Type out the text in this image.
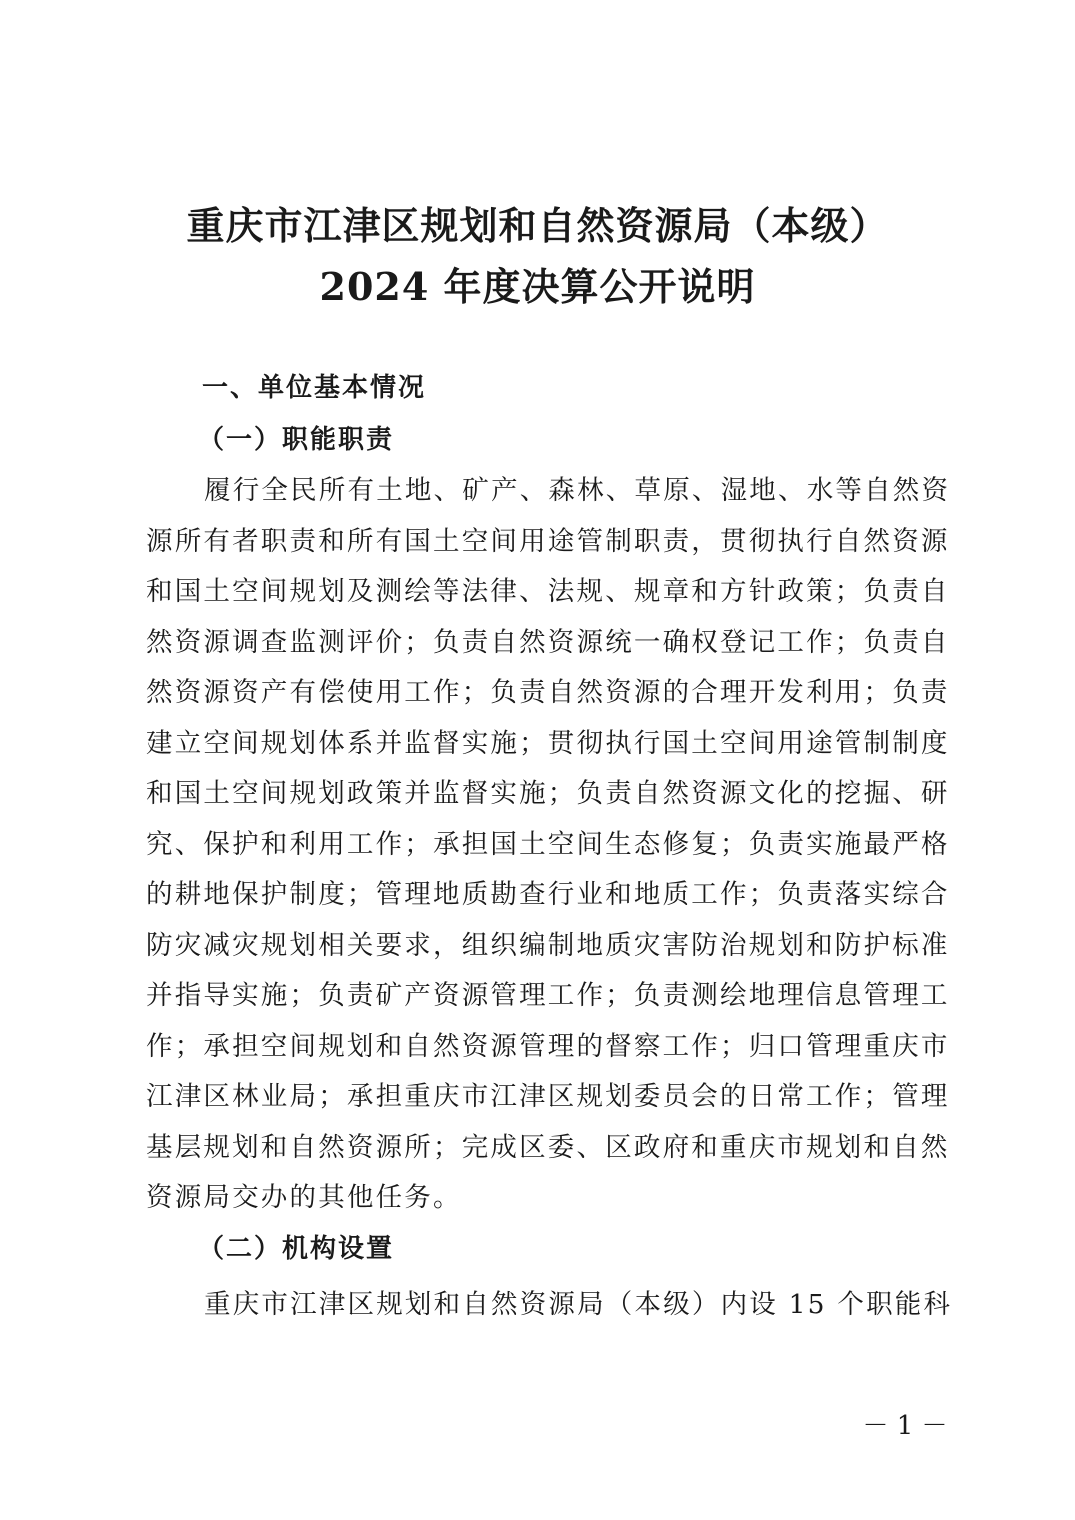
重庆市江津区规划和自然资源局（本级）
2024 年度决算公开说明
一、单位基本情况
（一）职能职责
履行全民所有土地、矿产、森林、草原、湿地、水等自然资
源所有者职责和所有国土空间用途管制职责，贯彻执行自然资源
和国土空间规划及测绘等法律、法规、规章和方针政策；负责自
然资源调查监测评价；负责自然资源统一确权登记工作；负责自
然资源资产有偿使用工作；负责自然资源的合理开发利用；负责
建立空间规划体系并监督实施；贯彻执行国土空间用途管制制度
和国土空间规划政策并监督实施；负责自然资源文化的挖掘、研
究、保护和利用工作；承担国土空间生态修复；负责实施最严格
的耕地保护制度；管理地质勘查行业和地质工作；负责落实综合
防灾减灾规划相关要求，组织编制地质灾害防治规划和防护标准
并指导实施；负责矿产资源管理工作；负责测绘地理信息管理工
作；承担空间规划和自然资源管理的督察工作；归口管理重庆市
江津区林业局；承担重庆市江津区规划委员会的日常工作；管理
基层规划和自然资源所；完成区委、区政府和重庆市规划和自然
资源局交办的其他任务。
（二）机构设置
重庆市江津区规划和自然资源局（本级）内设 15 个职能科
－ 1 －
